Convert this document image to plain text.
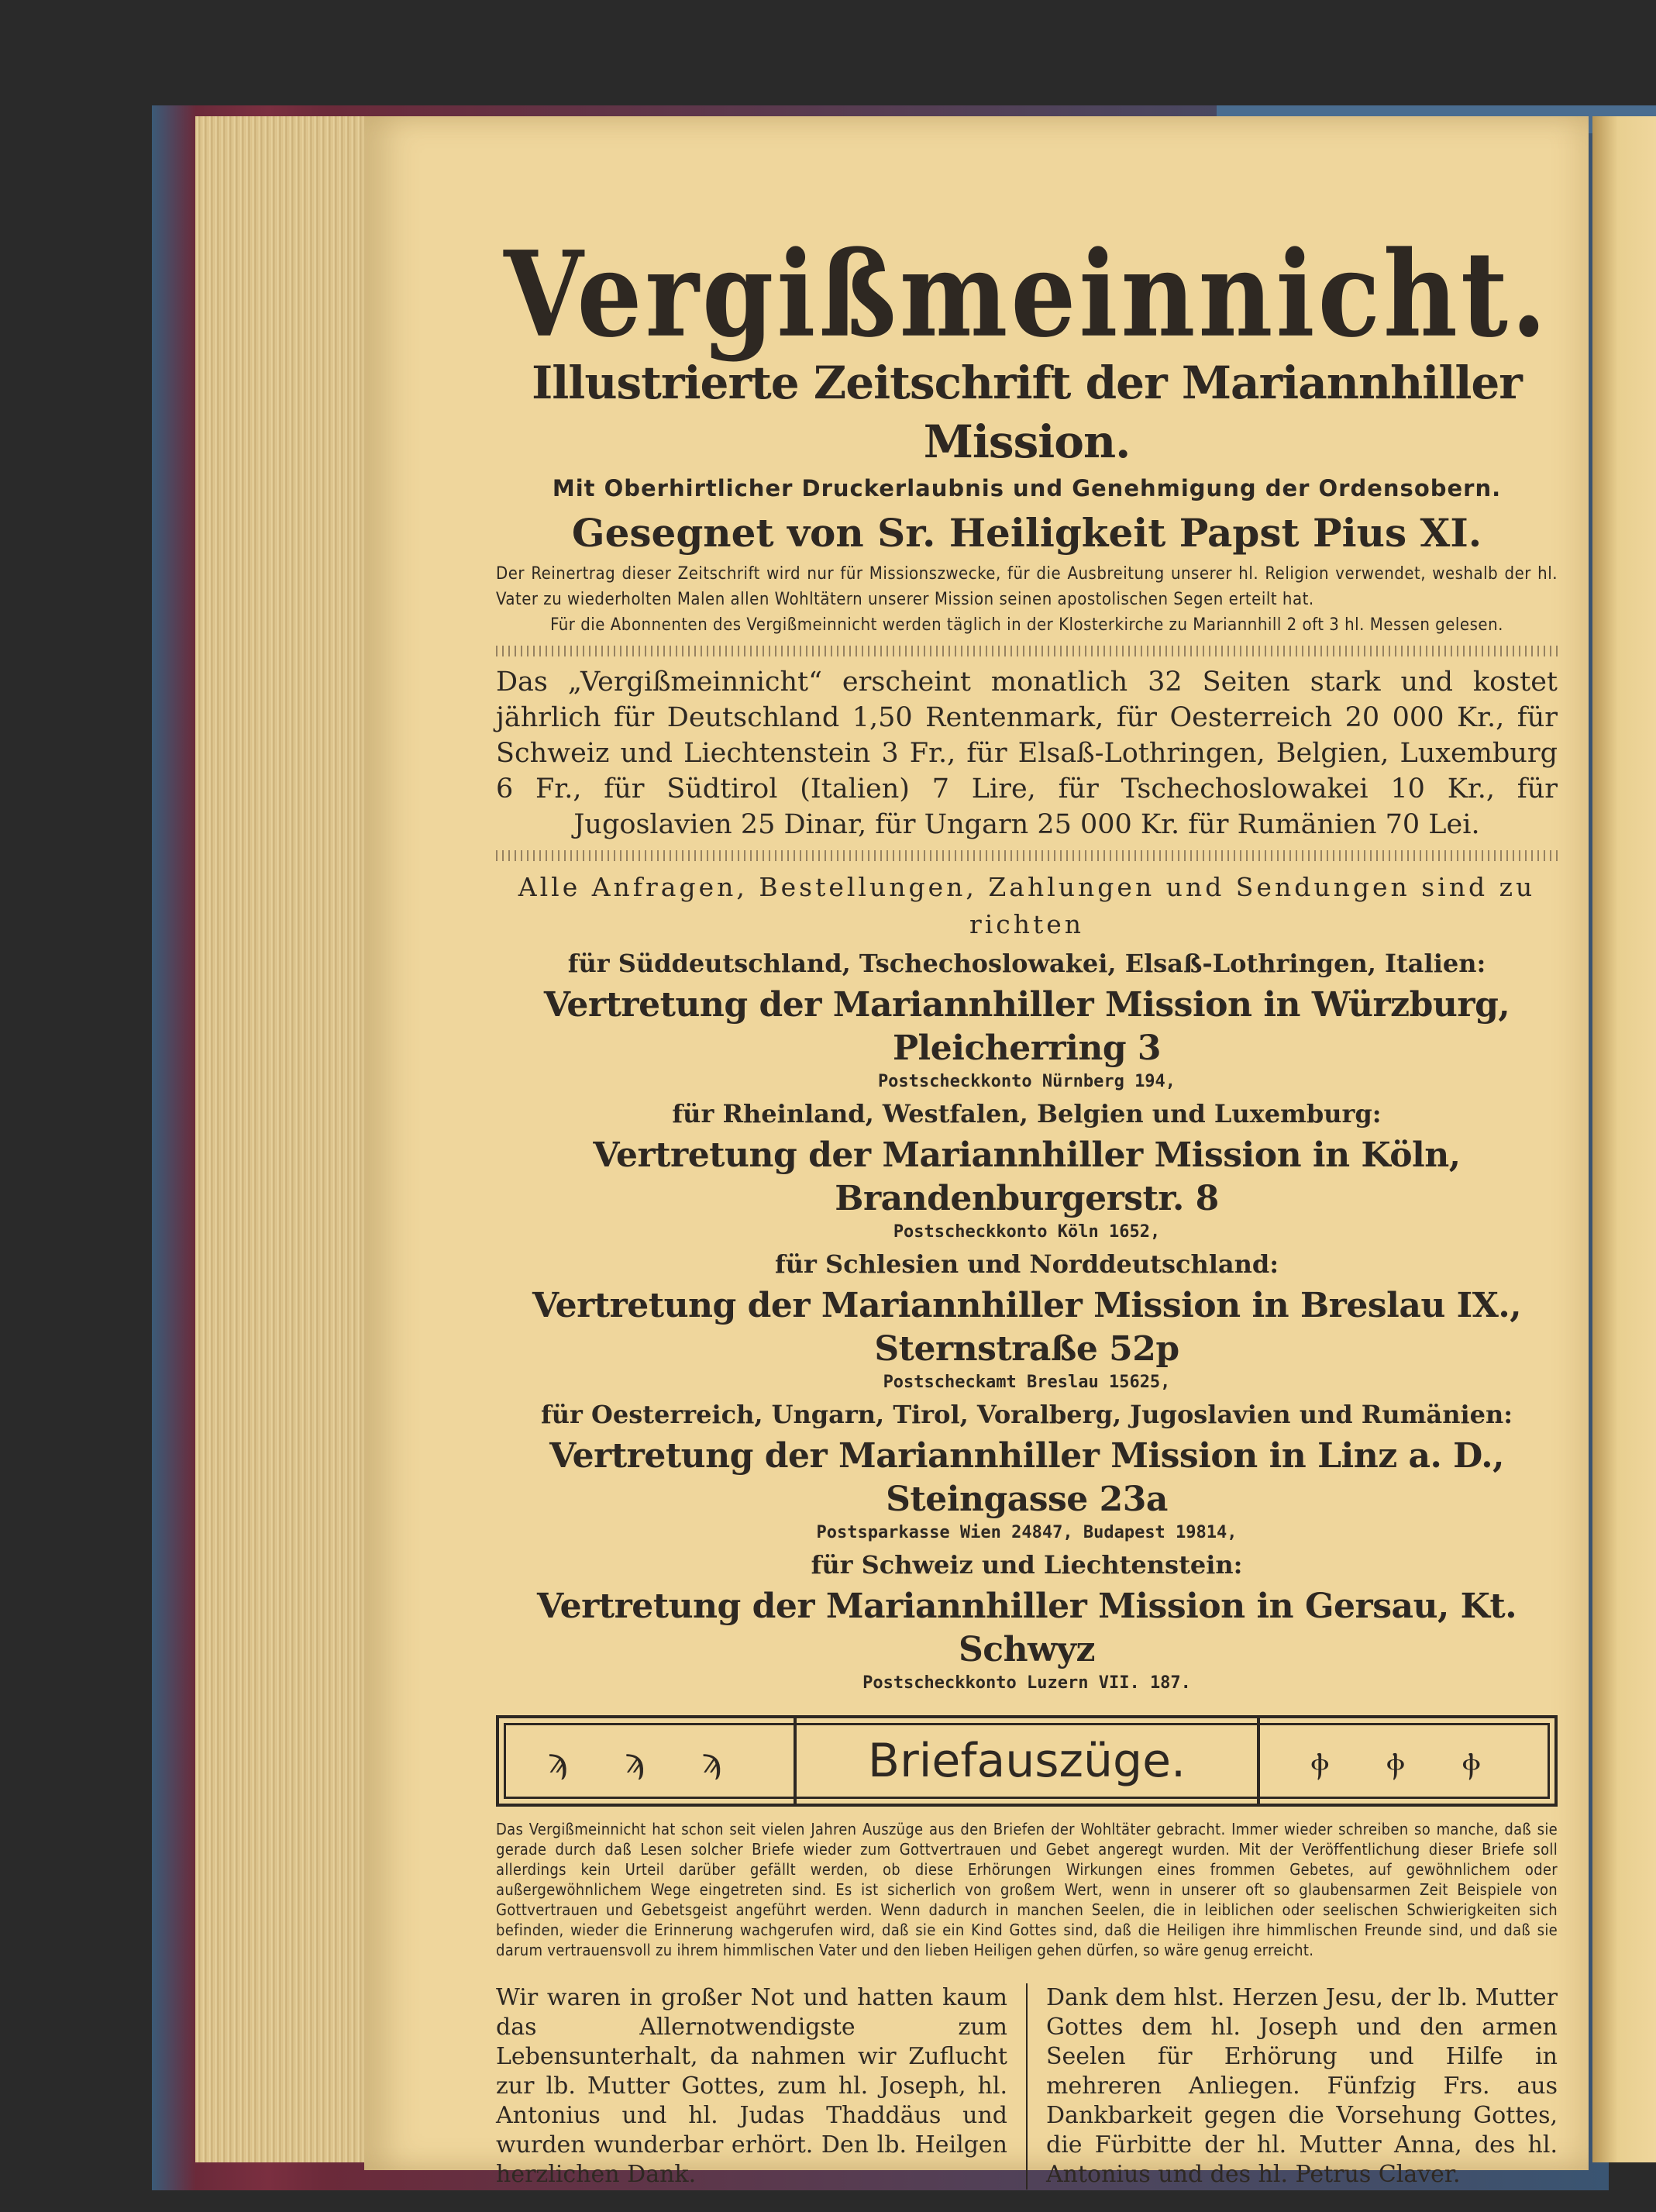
Vergißmeinnicht.
Illustrierte Zeitschrift der Mariannhiller Mission.
Mit Oberhirtlicher Druckerlaubnis und Genehmigung der Ordensobern.
Gesegnet von Sr. Heiligkeit Papst Pius XI.
Der Reinertrag dieser Zeitschrift wird nur für Missionszwecke, für die Ausbreitung unserer hl. Religion verwendet, weshalb der hl. Vater zu wiederholten Malen allen Wohltätern unserer Mission seinen apostolischen Segen erteilt hat.
Für die Abonnenten des Vergißmeinnicht werden täglich in der Klosterkirche zu Mariannhill 2 oft 3 hl. Messen gelesen.
Das „Vergißmeinnicht“ erscheint monatlich 32 Seiten stark und kostet jährlich für Deutschland 1,50 Rentenmark, für Oesterreich 20 000 Kr., für Schweiz und Liechtenstein 3 Fr., für Elsaß-Lothringen, Belgien, Luxemburg 6 Fr., für Südtirol (Italien) 7 Lire, für Tschechoslowakei 10 Kr., für Jugoslavien 25 Dinar, für Ungarn 25 000 Kr. für Rumänien 70 Lei.
Alle Anfragen, Bestellungen, Zahlungen und Sendungen sind zu richten
für Süddeutschland, Tschechoslowakei, Elsaß-Lothringen, Italien:
Vertretung der Mariannhiller Mission in Würzburg, Pleicherring 3
Postscheckkonto Nürnberg 194,
für Rheinland, Westfalen, Belgien und Luxemburg:
Vertretung der Mariannhiller Mission in Köln, Brandenburgerstr. 8
Postscheckkonto Köln 1652,
für Schlesien und Norddeutschland:
Vertretung der Mariannhiller Mission in Breslau IX., Sternstraße 52p
Postscheckamt Breslau 15625,
für Oesterreich, Ungarn, Tirol, Voralberg, Jugoslavien und Rumänien:
Vertretung der Mariannhiller Mission in Linz a. D., Steingasse 23a
Postsparkasse Wien 24847, Budapest 19814,
für Schweiz und Liechtenstein:
Vertretung der Mariannhiller Mission in Gersau, Kt. Schwyz
Postscheckkonto Luzern VII. 187.
ϡ ϡ ϡ	Briefauszüge.	ⲫ ⲫ ⲫ
Das Vergißmeinnicht hat schon seit vielen Jahren Auszüge aus den Briefen der Wohltäter gebracht. Immer wieder schreiben so manche, daß sie gerade durch daß Lesen solcher Briefe wieder zum Gottvertrauen und Gebet angeregt wurden. Mit der Veröffentlichung dieser Briefe soll allerdings kein Urteil darüber gefällt werden, ob diese Erhörungen Wirkungen eines frommen Gebetes, auf gewöhnlichem oder außergewöhnlichem Wege eingetreten sind. Es ist sicherlich von großem Wert, wenn in unserer oft so glaubensarmen Zeit Beispiele von Gottvertrauen und Gebetsgeist angeführt werden. Wenn dadurch in manchen Seelen, die in leiblichen oder seelischen Schwierigkeiten sich befinden, wieder die Erinnerung wachgerufen wird, daß sie ein Kind Gottes sind, daß die Heiligen ihre himmlischen Freunde sind, und daß sie darum vertrauensvoll zu ihrem himmlischen Vater und den lieben Heiligen gehen dürfen, so wäre genug erreicht.
Wir waren in großer Not und hatten kaum das Allernotwendigste zum Lebensunterhalt, da nahmen wir Zuflucht zur lb. Mutter Gottes, zum hl. Joseph, hl. Antonius und hl. Judas Thaddäus und wurden wunderbar erhört. Den lb. Heilgen herzlichen Dank.
Dank dem hlst. Herzen Jesu, der lb. Mutter Gottes dem hl. Joseph und den armen Seelen für Erhörung und Hilfe in mehreren Anliegen. Fünfzig Frs. aus Dankbarkeit gegen die Vorsehung Gottes, die Fürbitte der hl. Mutter Anna, des hl. Antonius und des hl. Petrus Claver.
